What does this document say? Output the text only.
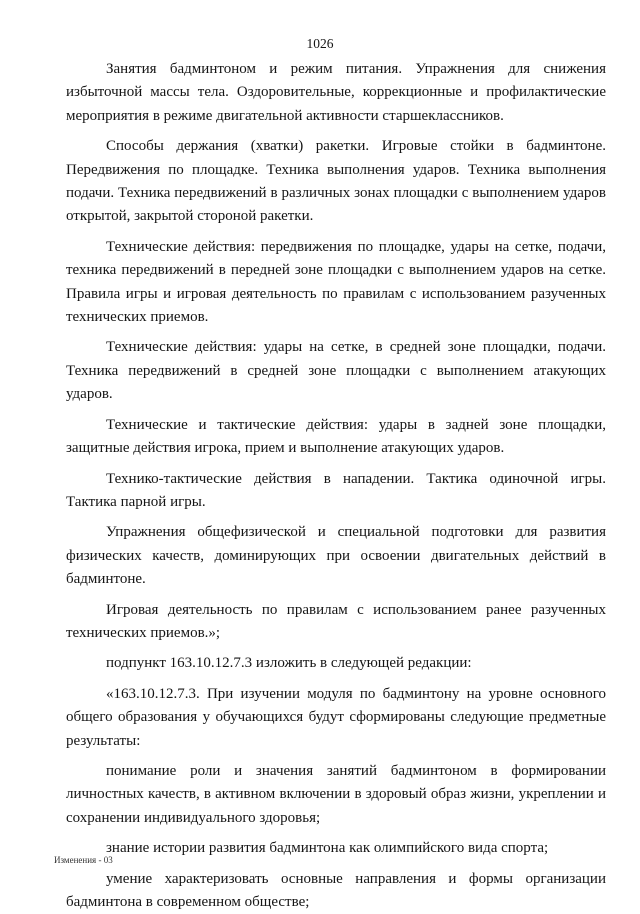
1026

Занятия бадминтоном и режим питания. Упражнения для снижения избыточной массы тела. Оздоровительные, коррекционные и профилактические мероприятия в режиме двигательной активности старшеклассников.

Способы держания (хватки) ракетки. Игровые стойки в бадминтоне. Передвижения по площадке. Техника выполнения ударов. Техника выполнения подачи. Техника передвижений в различных зонах площадки с выполнением ударов открытой, закрытой стороной ракетки.

Технические действия: передвижения по площадке, удары на сетке, подачи, техника передвижений в передней зоне площадки с выполнением ударов на сетке. Правила игры и игровая деятельность по правилам с использованием разученных технических приемов.

Технические действия: удары на сетке, в средней зоне площадки, подачи. Техника передвижений в средней зоне площадки с выполнением атакующих ударов.

Технические и тактические действия: удары в задней зоне площадки, защитные действия игрока, прием и выполнение атакующих ударов.

Технико-тактические действия в нападении. Тактика одиночной игры. Тактика парной игры.

Упражнения общефизической и специальной подготовки для развития физических качеств, доминирующих при освоении двигательных действий в бадминтоне.

Игровая деятельность по правилам с использованием ранее разученных технических приемов.»;

подпункт 163.10.12.7.3 изложить в следующей редакции:

«163.10.12.7.3. При изучении модуля по бадминтону на уровне основного общего образования у обучающихся будут сформированы следующие предметные результаты:

понимание роли и значения занятий бадминтоном в формировании личностных качеств, в активном включении в здоровый образ жизни, укреплении и сохранении индивидуального здоровья;

знание истории развития бадминтона как олимпийского вида спорта;

умение характеризовать основные направления и формы организации бадминтона в современном обществе;

Изменения - 03
